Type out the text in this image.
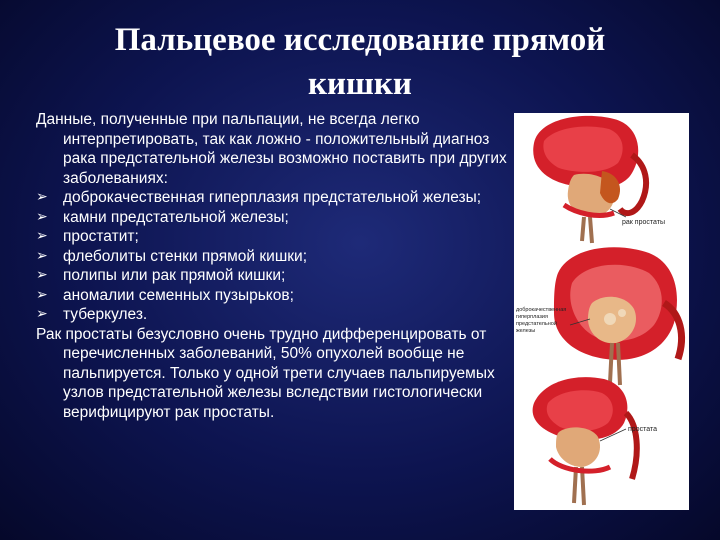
Пальцевое исследование прямой кишки

Данные, полученные при пальпации, не всегда легко интерпретировать, так как ложно - положительный диагноз рака предстательной железы возможно поставить при других заболеваниях:

➢ доброкачественная гиперплазия предстательной железы;
➢ камни предстательной железы;
➢ простатит;
➢ флеболиты стенки прямой кишки;
➢ полипы или рак прямой кишки;
➢ аномалии семенных пузырьков;
➢ туберкулез.

Рак простаты безусловно очень трудно дифференцировать от перечисленных заболеваний, 50% опухолей вообще не пальпируется. Только у одной трети случаев пальпируемых узлов предстательной железы вследствии гистологически верифицируют рак простаты.

рак простаты
доброкачественная
гиперплазия
предстательной
железы
простата
